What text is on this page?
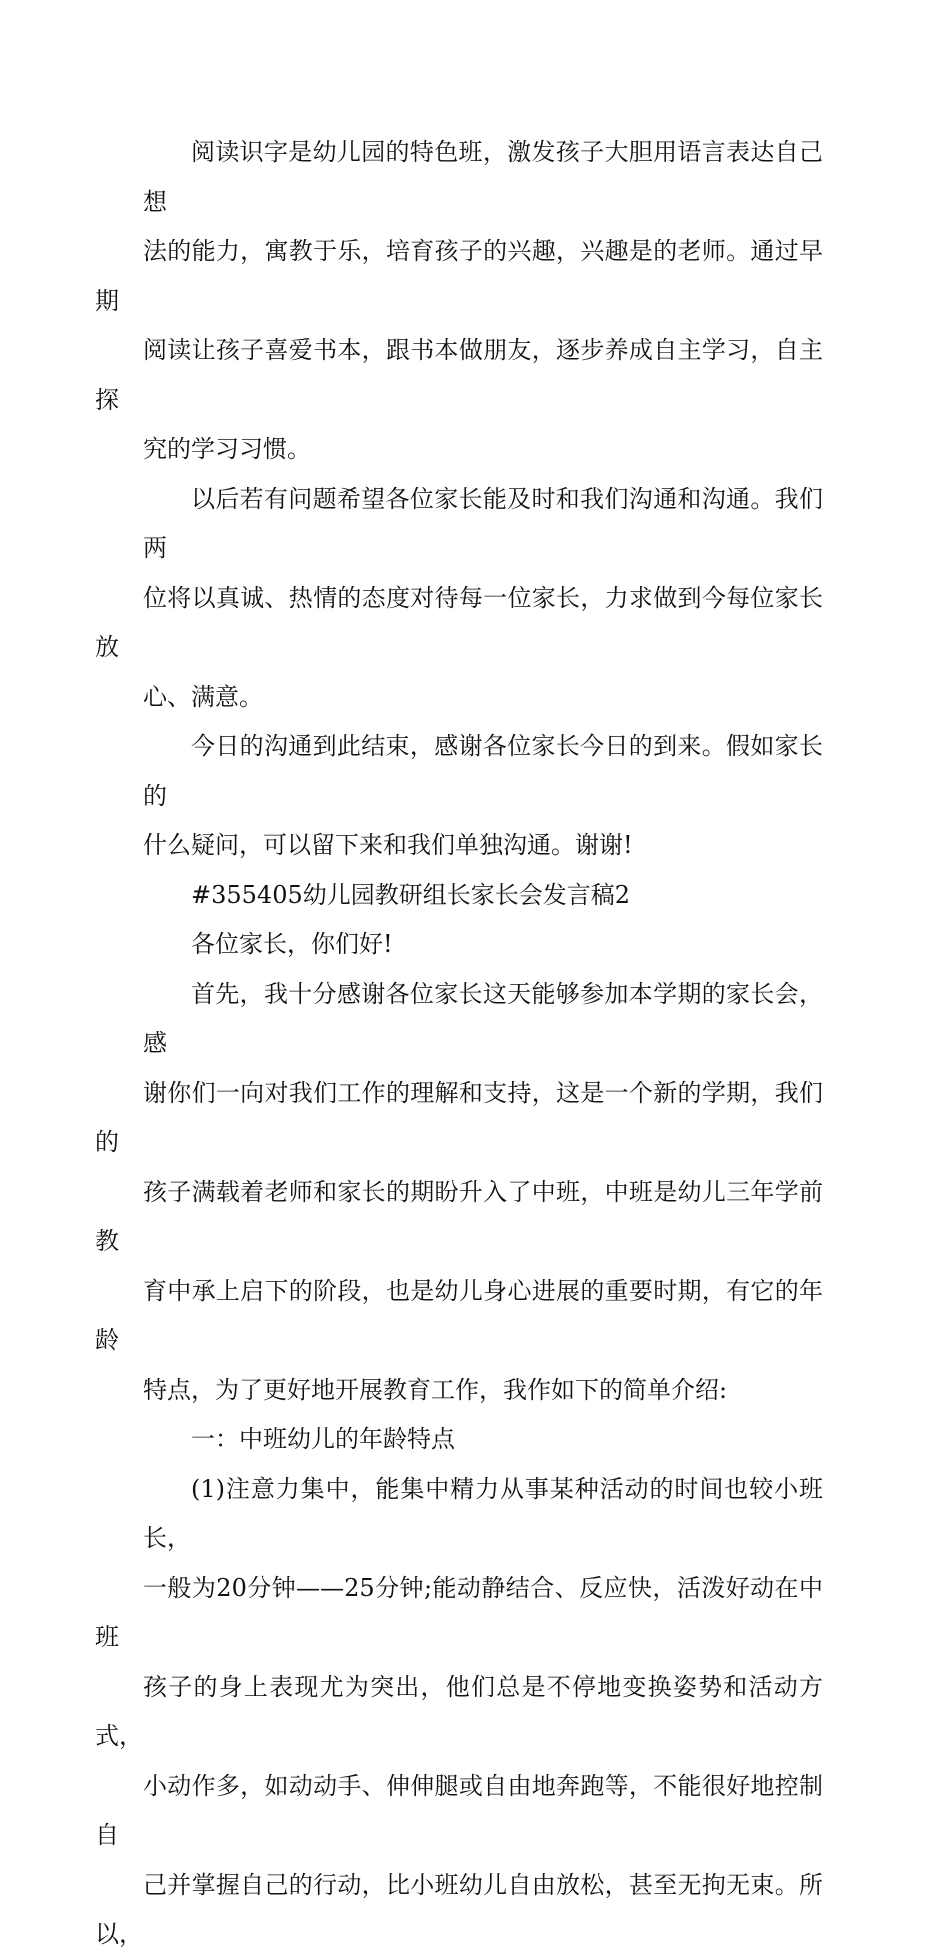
阅读识字是幼儿园的特色班，激发孩子大胆用语言表达自己想
法的能力，寓教于乐，培育孩子的兴趣，兴趣是的老师。通过早期
阅读让孩子喜爱书本，跟书本做朋友，逐步养成自主学习，自主探
究的学习习惯。

以后若有问题希望各位家长能及时和我们沟通和沟通。我们两
位将以真诚、热情的态度对待每一位家长，力求做到今每位家长放
心、满意。

今日的沟通到此结束，感谢各位家长今日的到来。假如家长的
什么疑问，可以留下来和我们单独沟通。谢谢!

#355405幼儿园教研组长家长会发言稿2

各位家长，你们好!

首先，我十分感谢各位家长这天能够参加本学期的家长会，感
谢你们一向对我们工作的理解和支持，这是一个新的学期，我们的
孩子满载着老师和家长的期盼升入了中班，中班是幼儿三年学前教
育中承上启下的阶段，也是幼儿身心进展的重要时期，有它的年龄
特点，为了更好地开展教育工作，我作如下的简单介绍:

一：中班幼儿的年龄特点

(1)注意力集中，能集中精力从事某种活动的时间也较小班长，
一般为20分钟——25分钟;能动静结合、反应快，活泼好动在中班
孩子的身上表现尤为突出，他们总是不停地变换姿势和活动方式，
小动作多，如动动手、伸伸腿或自由地奔跑等，不能很好地控制自
己并掌握自己的行动，比小班幼儿自由放松，甚至无拘无束。所以，
